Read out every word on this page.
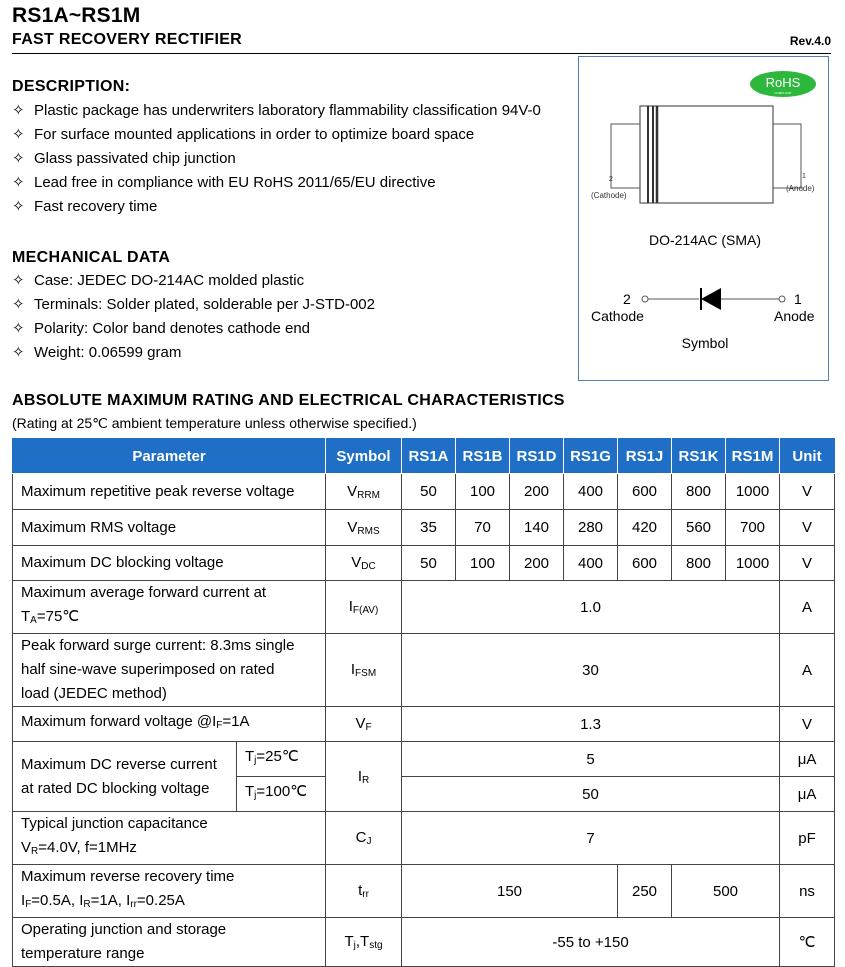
RS1A~RS1M
FAST RECOVERY RECTIFIER	Rev.4.0
DESCRIPTION:
✧ Plastic package has underwriters laboratory flammability classification 94V-0
✧ For surface mounted applications in order to optimize board space
✧ Glass passivated chip junction
✧ Lead free in compliance with EU RoHS 2011/65/EU directive
✧ Fast recovery time
MECHANICAL DATA
✧ Case: JEDEC DO-214AC molded plastic
✧ Terminals: Solder plated, solderable per J-STD-002
✧ Polarity: Color band denotes cathode end
✧ Weight: 0.06599 gram
RoHS
COMPLIANT
2
(Cathode)
1
(Anode)
DO-214AC (SMA)
2
Cathode
1
Anode
Symbol
ABSOLUTE MAXIMUM RATING AND ELECTRICAL CHARACTERISTICS
(Rating at 25℃ ambient temperature unless otherwise specified.)
Parameter		Symbol	RS1A	RS1B	RS1D	RS1G	RS1J	RS1K	RS1M	Unit
Maximum repetitive peak reverse voltage		$V_{RRM}$	50	100	200	400	600	800	1000	V
Maximum RMS voltage		$V_{RMS}$	35	70	140	280	420	560	700	V
Maximum DC blocking voltage		$V_{DC}$	50	100	200	400	600	800	1000	V
Maximum average forward current at
$T_A=75℃$		$I_{F(AV)}$	1.0							A
Peak forward surge current: 8.3ms single
half sine-wave superimposed on rated
load (JEDEC method)		$I_{FSM}$	30							A
Maximum forward voltage $@I_F=1A$		$V_F$	1.3							V
Maximum DC reverse current
at rated DC blocking voltage	$T_j=25℃$	$I_R$	5							μA
	$T_j=100℃$		50							μA
Typical junction capacitance
$V_R=4.0V$, f=1MHz		$C_J$	7							pF
Maximum reverse recovery time
$I_F=0.5A$, $I_R=1A$, $I_{rr}=0.25A$		$t_{rr}$	150				250	500		ns
Operating junction and storage
temperature range		$T_j,T_{stg}$	-55 to +150							℃
